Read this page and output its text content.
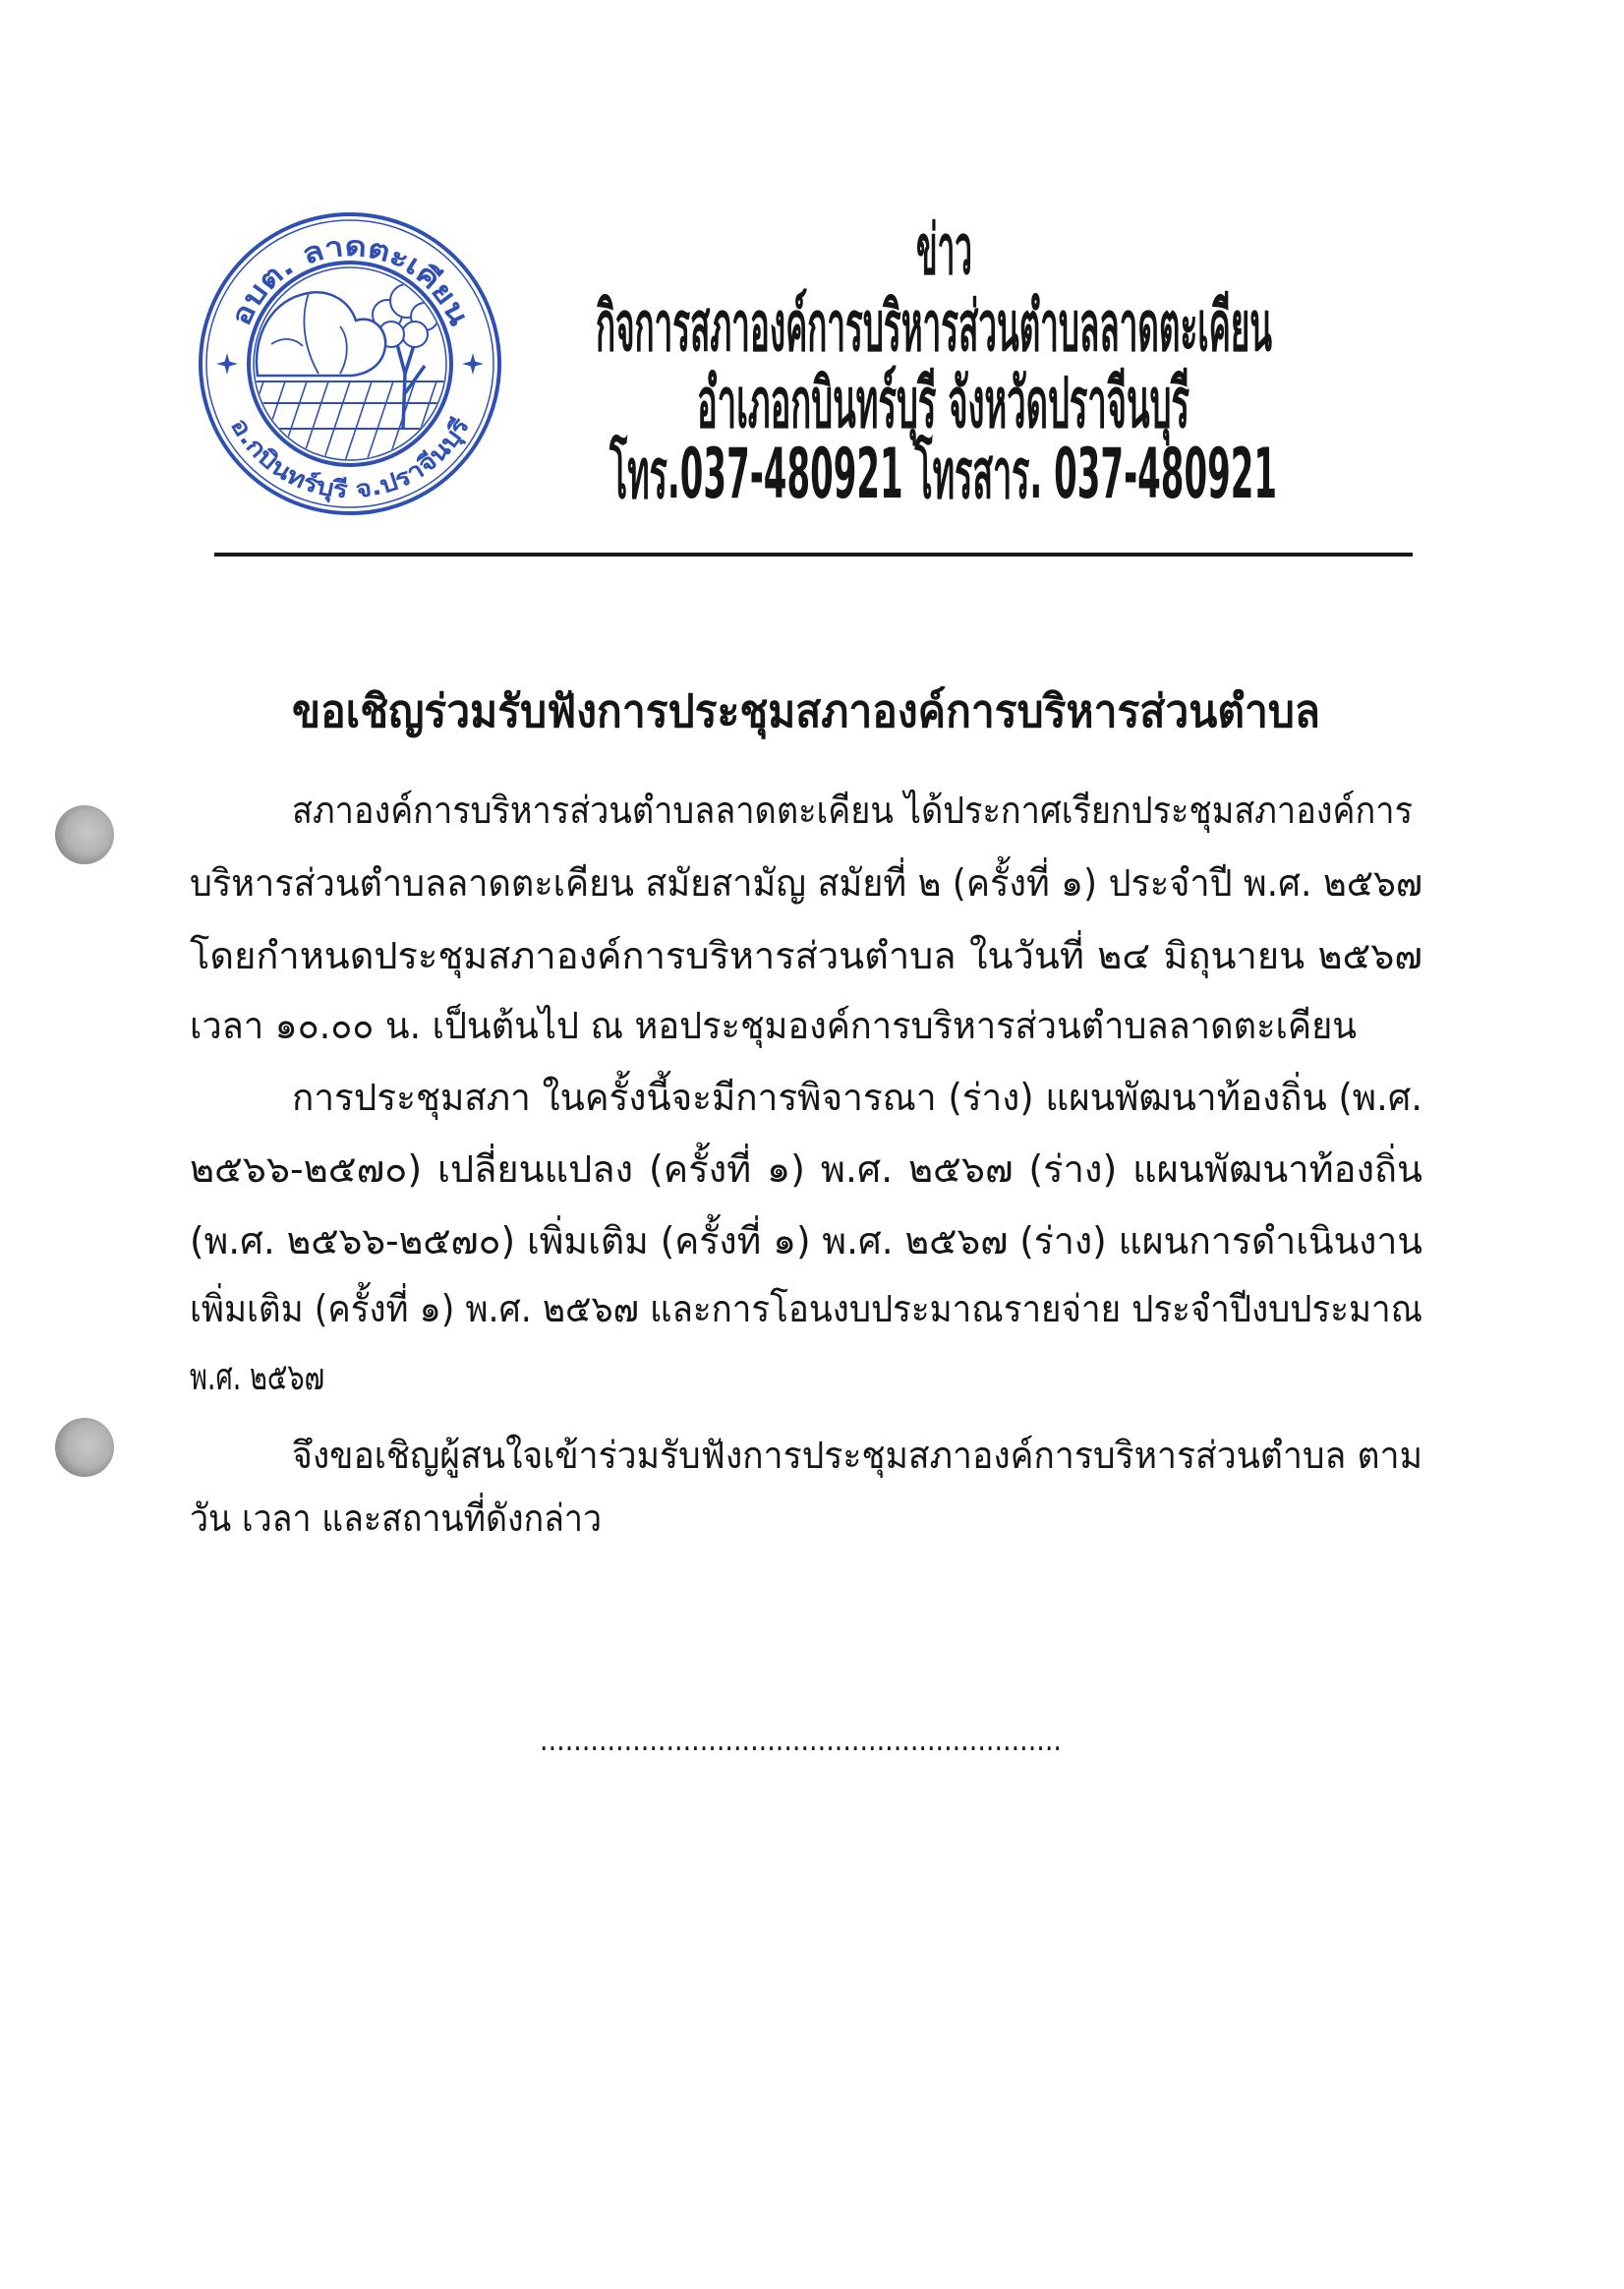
อบต. ลาดตะเคียน
อ.กบินทร์บุรี จ.ปราจีนบุรี
ข่าว
กิจการสภาองค์การบริหารส่วนตำบลลาดตะเคียน
อำเภอกบินทร์บุรี จังหวัดปราจีนบุรี
โทร.037-480921 โทรสาร. 037-480921
ขอเชิญร่วมรับฟังการประชุมสภาองค์การบริหารส่วนตำบล
สภาองค์การบริหารส่วนตำบลลาดตะเคียน ได้ประกาศเรียกประชุมสภาองค์การ
บริหารส่วนตำบลลาดตะเคียน สมัยสามัญ สมัยที่ ๒ (ครั้งที่ ๑) ประจำปี พ.ศ. ๒๕๖๗
โดยกำหนดประชุมสภาองค์การบริหารส่วนตำบล ในวันที่ ๒๔ มิถุนายน ๒๕๖๗
เวลา ๑๐.๐๐ น. เป็นต้นไป ณ หอประชุมองค์การบริหารส่วนตำบลลาดตะเคียน
การประชุมสภา ในครั้งนี้จะมีการพิจารณา (ร่าง) แผนพัฒนาท้องถิ่น (พ.ศ.
๒๕๖๖-๒๕๗๐) เปลี่ยนแปลง (ครั้งที่ ๑) พ.ศ. ๒๕๖๗ (ร่าง) แผนพัฒนาท้องถิ่น
(พ.ศ. ๒๕๖๖-๒๕๗๐) เพิ่มเติม (ครั้งที่ ๑) พ.ศ. ๒๕๖๗ (ร่าง) แผนการดำเนินงาน
เพิ่มเติม (ครั้งที่ ๑) พ.ศ. ๒๕๖๗ และการโอนงบประมาณรายจ่าย ประจำปีงบประมาณ
พ.ศ. ๒๕๖๗
จึงขอเชิญผู้สนใจเข้าร่วมรับฟังการประชุมสภาองค์การบริหารส่วนตำบล ตาม
วัน เวลา และสถานที่ดังกล่าว
..............................................................
